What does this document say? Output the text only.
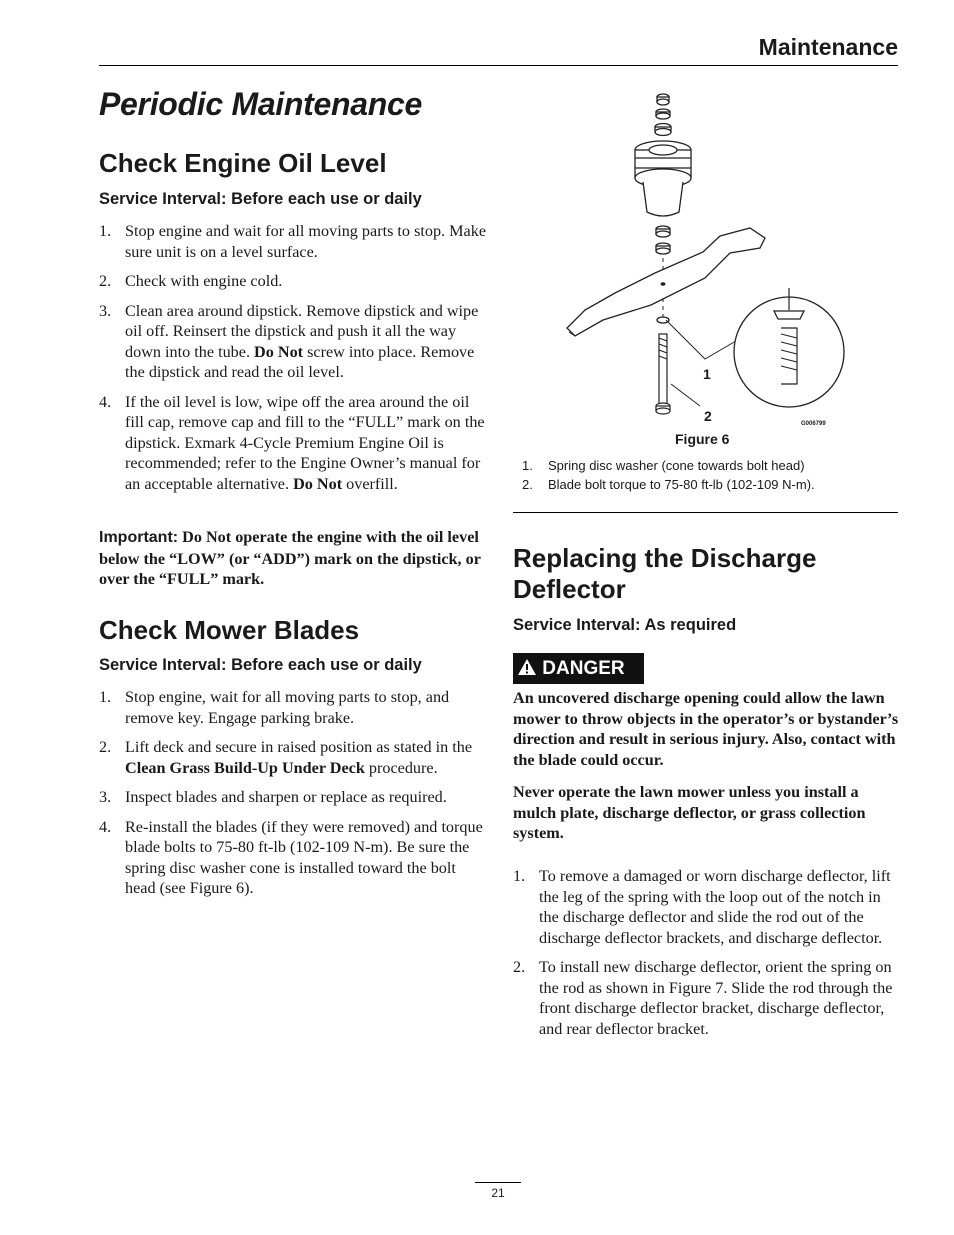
Maintenance
Periodic Maintenance
Check Engine Oil Level
Service Interval: Before each use or daily
1. Stop engine and wait for all moving parts to stop. Make sure unit is on a level surface.
2. Check with engine cold.
3. Clean area around dipstick. Remove dipstick and wipe oil off. Reinsert the dipstick and push it all the way down into the tube. Do Not screw into place. Remove the dipstick and read the oil level.
4. If the oil level is low, wipe off the area around the oil fill cap, remove cap and fill to the “FULL” mark on the dipstick. Exmark 4-Cycle Premium Engine Oil is recommended; refer to the Engine Owner’s manual for an acceptable alternative. Do Not overfill.
Important: Do Not operate the engine with the oil level below the “LOW” (or “ADD”) mark on the dipstick, or over the “FULL” mark.
Check Mower Blades
Service Interval: Before each use or daily
1. Stop engine, wait for all moving parts to stop, and remove key. Engage parking brake.
2. Lift deck and secure in raised position as stated in the Clean Grass Build-Up Under Deck procedure.
3. Inspect blades and sharpen or replace as required.
4. Re-install the blades (if they were removed) and torque blade bolts to 75-80 ft-lb (102-109 N-m). Be sure the spring disc washer cone is installed toward the bolt head (see Figure 6).
1
2	G006799
Figure 6
1. Spring disc washer (cone towards bolt head)
2. Blade bolt torque to 75-80 ft-lb (102-109 N-m).
Replacing the Discharge Deflector
Service Interval: As required
DANGER
An uncovered discharge opening could allow the lawn mower to throw objects in the operator’s or bystander’s direction and result in serious injury. Also, contact with the blade could occur.
Never operate the lawn mower unless you install a mulch plate, discharge deflector, or grass collection system.
1. To remove a damaged or worn discharge deflector, lift the leg of the spring with the loop out of the notch in the discharge deflector and slide the rod out of the discharge deflector brackets, and discharge deflector.
2. To install new discharge deflector, orient the spring on the rod as shown in Figure 7. Slide the rod through the front discharge deflector bracket, discharge deflector, and rear deflector bracket.
21
